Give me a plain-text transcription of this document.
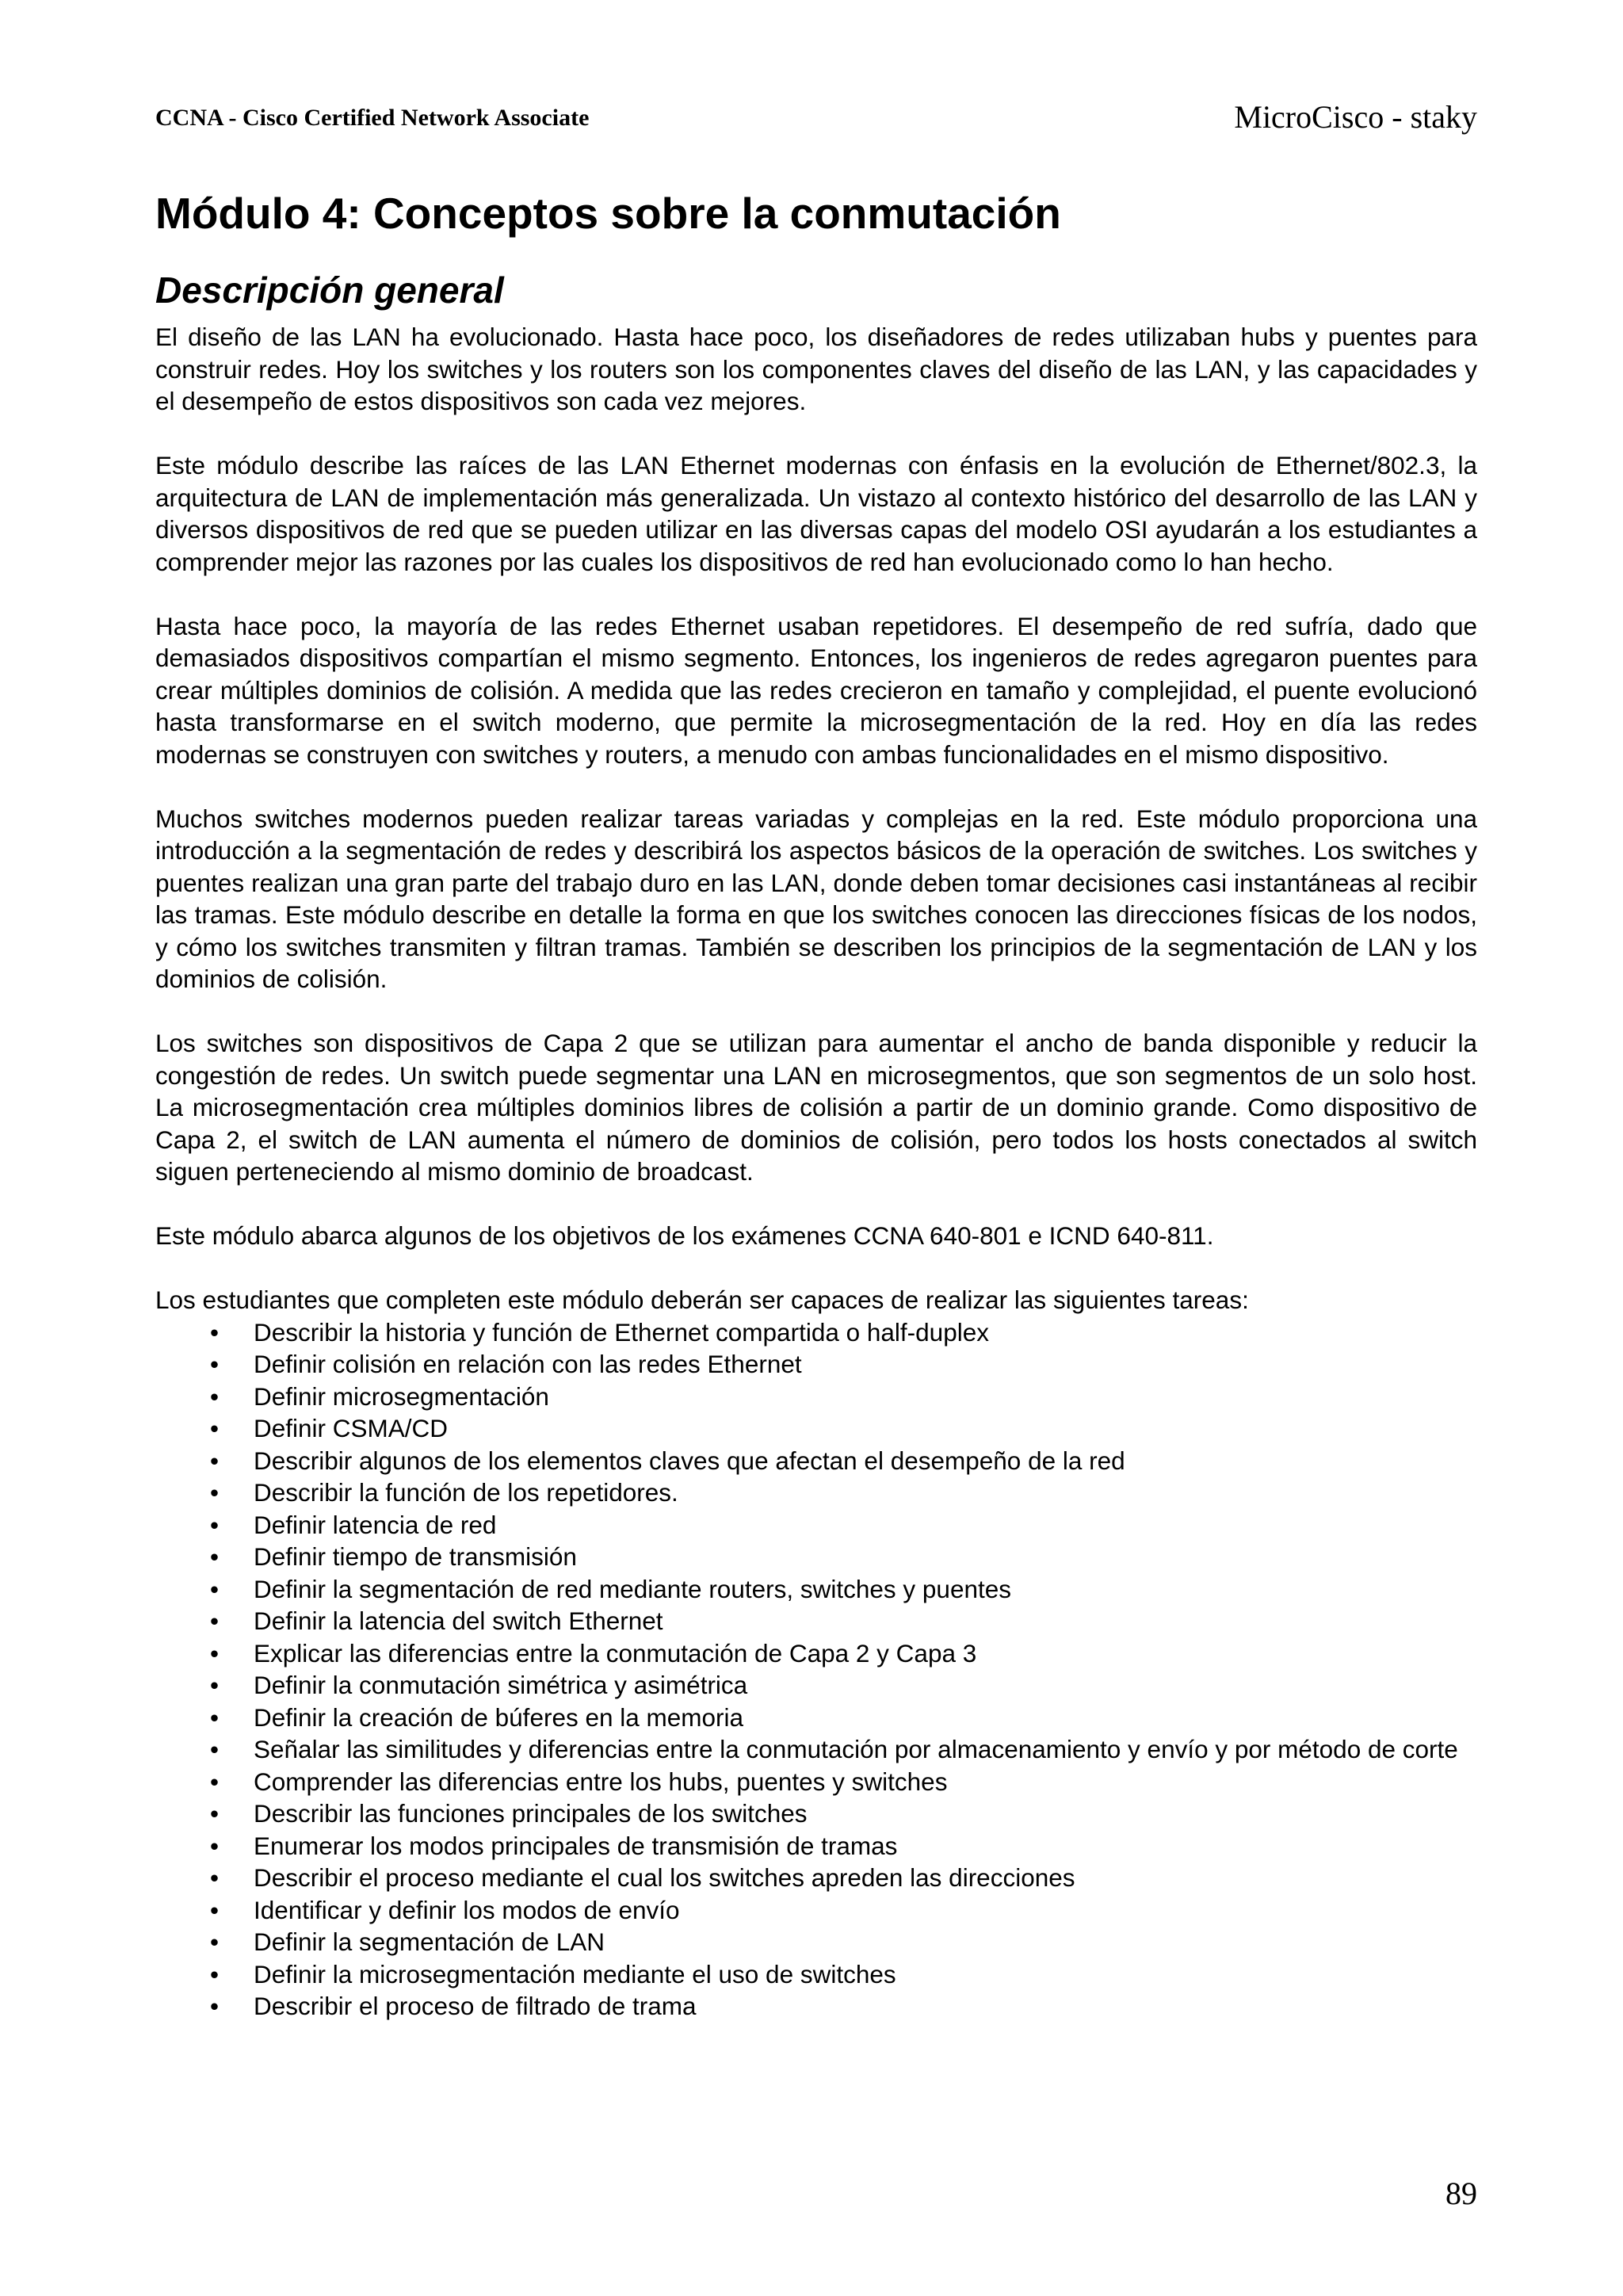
CCNA - Cisco Certified Network Associate	MicroCisco - staky
Módulo 4: Conceptos sobre la conmutación
Descripción general

El diseño de las LAN ha evolucionado. Hasta hace poco, los diseñadores de redes utilizaban hubs y puentes para construir redes. Hoy los switches y los routers son los componentes claves del diseño de las LAN, y las capacidades y el desempeño de estos dispositivos son cada vez mejores.

Este módulo describe las raíces de las LAN Ethernet modernas con énfasis en la evolución de Ethernet/802.3, la arquitectura de LAN de implementación más generalizada. Un vistazo al contexto histórico del desarrollo de las LAN y diversos dispositivos de red que se pueden utilizar en las diversas capas del modelo OSI ayudarán a los estudiantes a comprender mejor las razones por las cuales los dispositivos de red han evolucionado como lo han hecho.

Hasta hace poco, la mayoría de las redes Ethernet usaban repetidores. El desempeño de red sufría, dado que demasiados dispositivos compartían el mismo segmento. Entonces, los ingenieros de redes agregaron puentes para crear múltiples dominios de colisión. A medida que las redes crecieron en tamaño y complejidad, el puente evolucionó hasta transformarse en el switch moderno, que permite la microsegmentación de la red. Hoy en día las redes modernas se construyen con switches y routers, a menudo con ambas funcionalidades en el mismo dispositivo.

Muchos switches modernos pueden realizar tareas variadas y complejas en la red. Este módulo proporciona una introducción a la segmentación de redes y describirá los aspectos básicos de la operación de switches. Los switches y puentes realizan una gran parte del trabajo duro en las LAN, donde deben tomar decisiones casi instantáneas al recibir las tramas. Este módulo describe en detalle la forma en que los switches conocen las direcciones físicas de los nodos, y cómo los switches transmiten y filtran tramas. También se describen los principios de la segmentación de LAN y los dominios de colisión.

Los switches son dispositivos de Capa 2 que se utilizan para aumentar el ancho de banda disponible y reducir la congestión de redes. Un switch puede segmentar una LAN en microsegmentos, que son segmentos de un solo host. La microsegmentación crea múltiples dominios libres de colisión a partir de un dominio grande. Como dispositivo de Capa 2, el switch de LAN aumenta el número de dominios de colisión, pero todos los hosts conectados al switch siguen perteneciendo al mismo dominio de broadcast.

Este módulo abarca algunos de los objetivos de los exámenes CCNA 640-801 e ICND 640-811.

Los estudiantes que completen este módulo deberán ser capaces de realizar las siguientes tareas:

• Describir la historia y función de Ethernet compartida o half-duplex
• Definir colisión en relación con las redes Ethernet
• Definir microsegmentación
• Definir CSMA/CD
• Describir algunos de los elementos claves que afectan el desempeño de la red
• Describir la función de los repetidores.
• Definir latencia de red
• Definir tiempo de transmisión
• Definir la segmentación de red mediante routers, switches y puentes
• Definir la latencia del switch Ethernet
• Explicar las diferencias entre la conmutación de Capa 2 y Capa 3
• Definir la conmutación simétrica y asimétrica
• Definir la creación de búferes en la memoria
• Señalar las similitudes y diferencias entre la conmutación por almacenamiento y envío y por método de corte
• Comprender las diferencias entre los hubs, puentes y switches
• Describir las funciones principales de los switches
• Enumerar los modos principales de transmisión de tramas
• Describir el proceso mediante el cual los switches apreden las direcciones
• Identificar y definir los modos de envío
• Definir la segmentación de LAN
• Definir la microsegmentación mediante el uso de switches
• Describir el proceso de filtrado de trama
89
